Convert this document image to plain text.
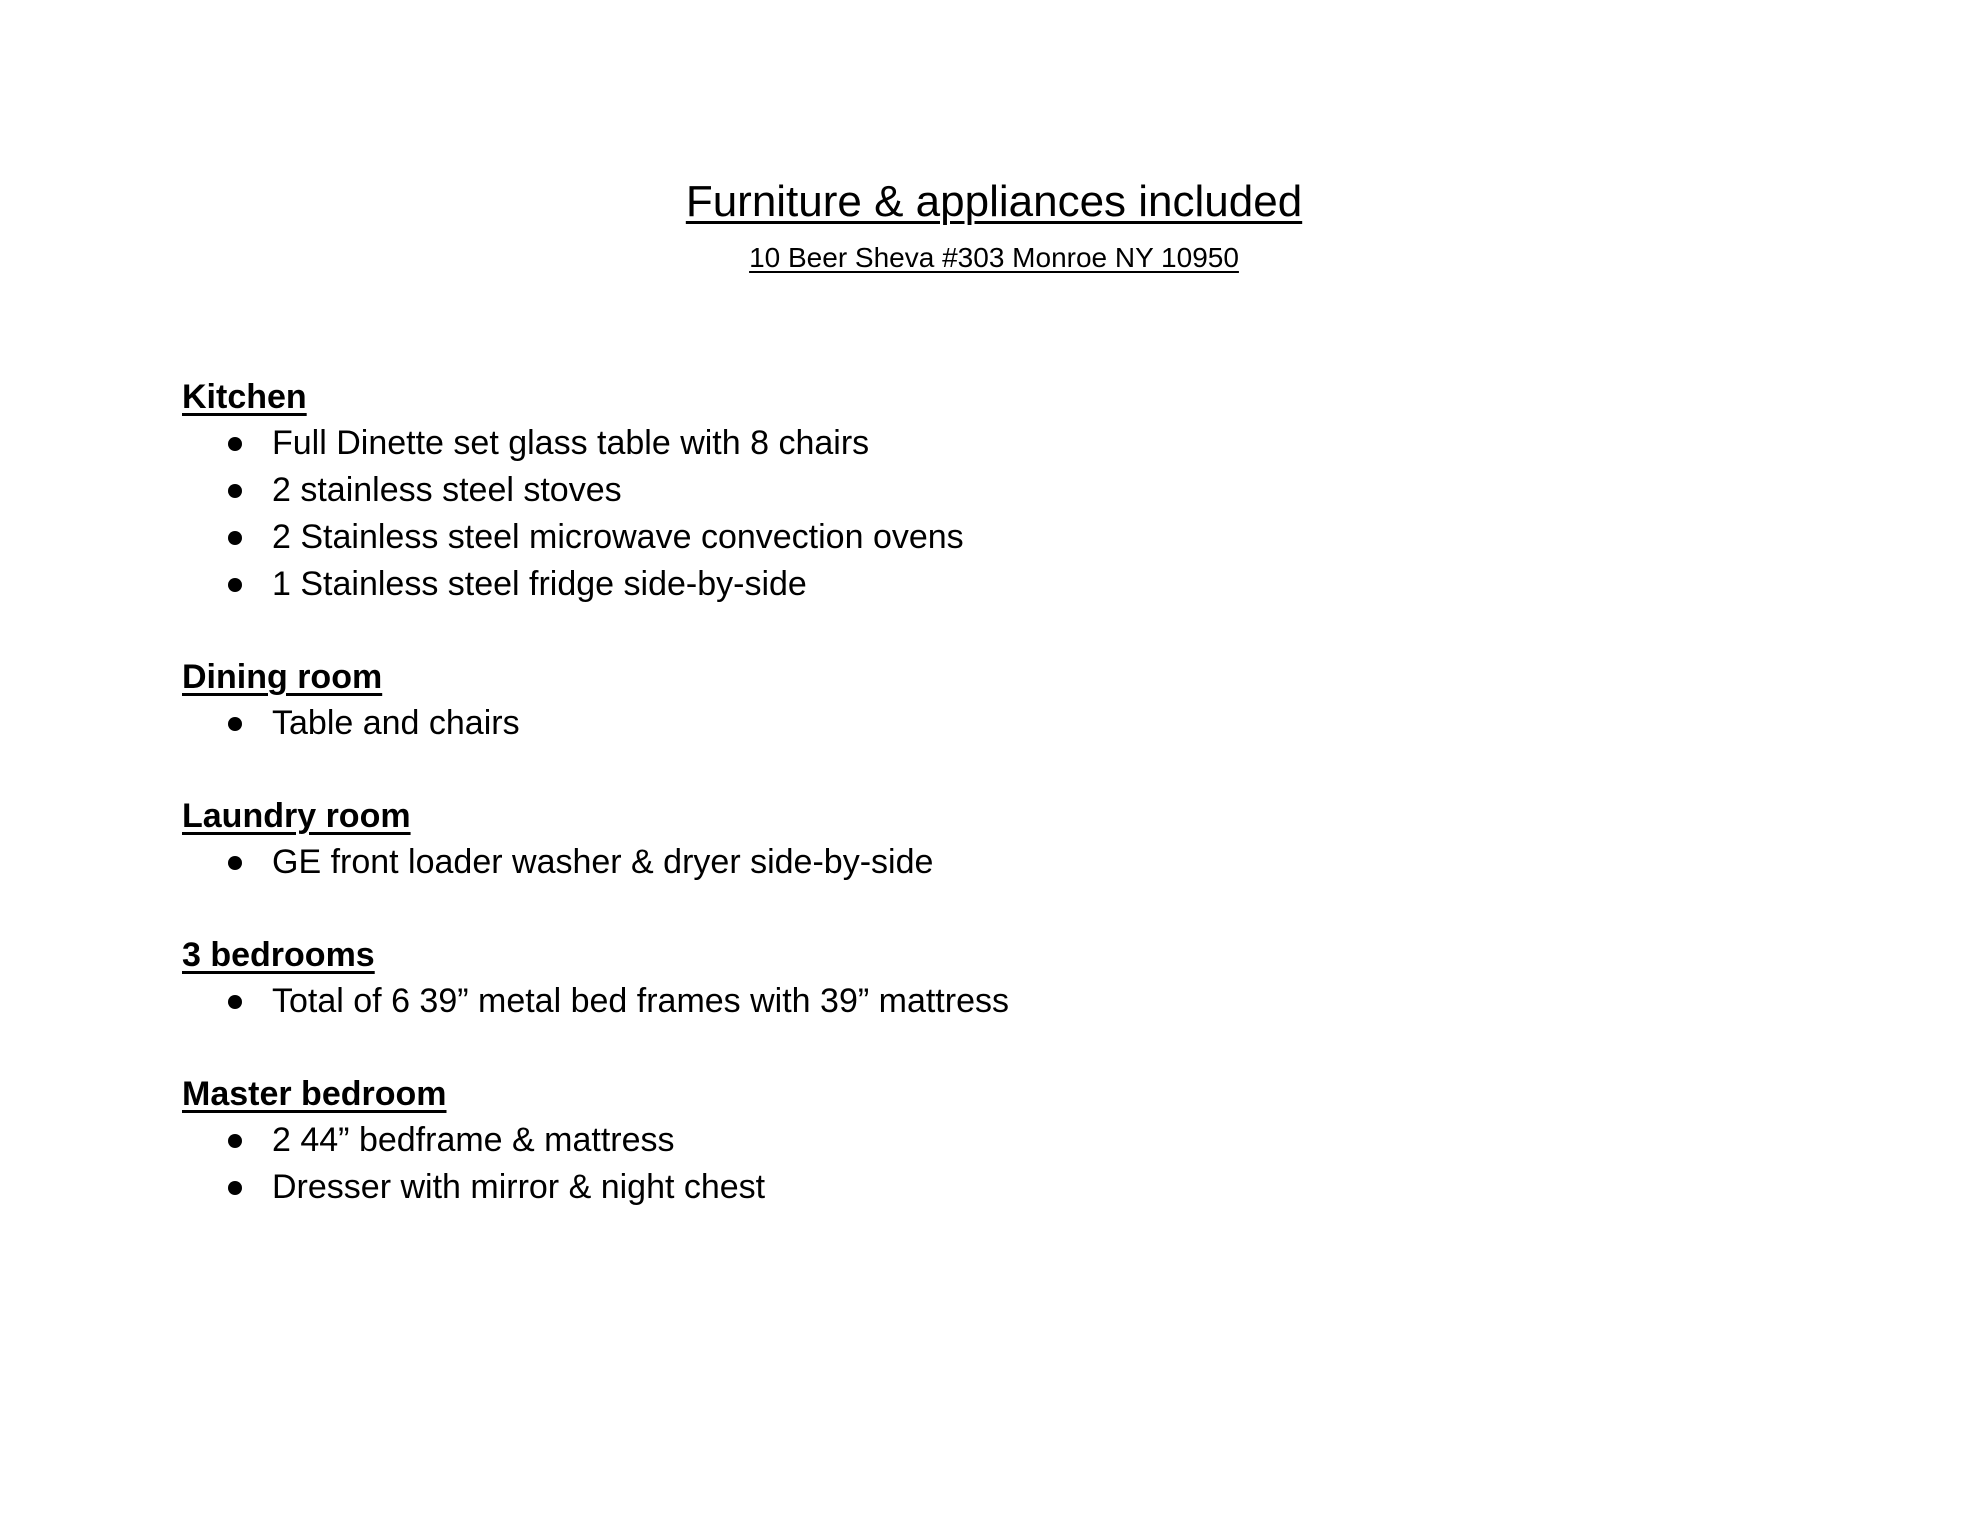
Furniture & appliances included
10 Beer Sheva #303 Monroe NY 10950
Kitchen
Full Dinette set glass table with 8 chairs
2 stainless steel stoves
2 Stainless steel microwave convection ovens
1 Stainless steel fridge side-by-side
Dining room
Table and chairs
Laundry room
GE front loader washer & dryer side-by-side
3 bedrooms
Total of 6 39” metal bed frames with 39” mattress
Master bedroom
2 44” bedframe & mattress
Dresser with mirror & night chest
